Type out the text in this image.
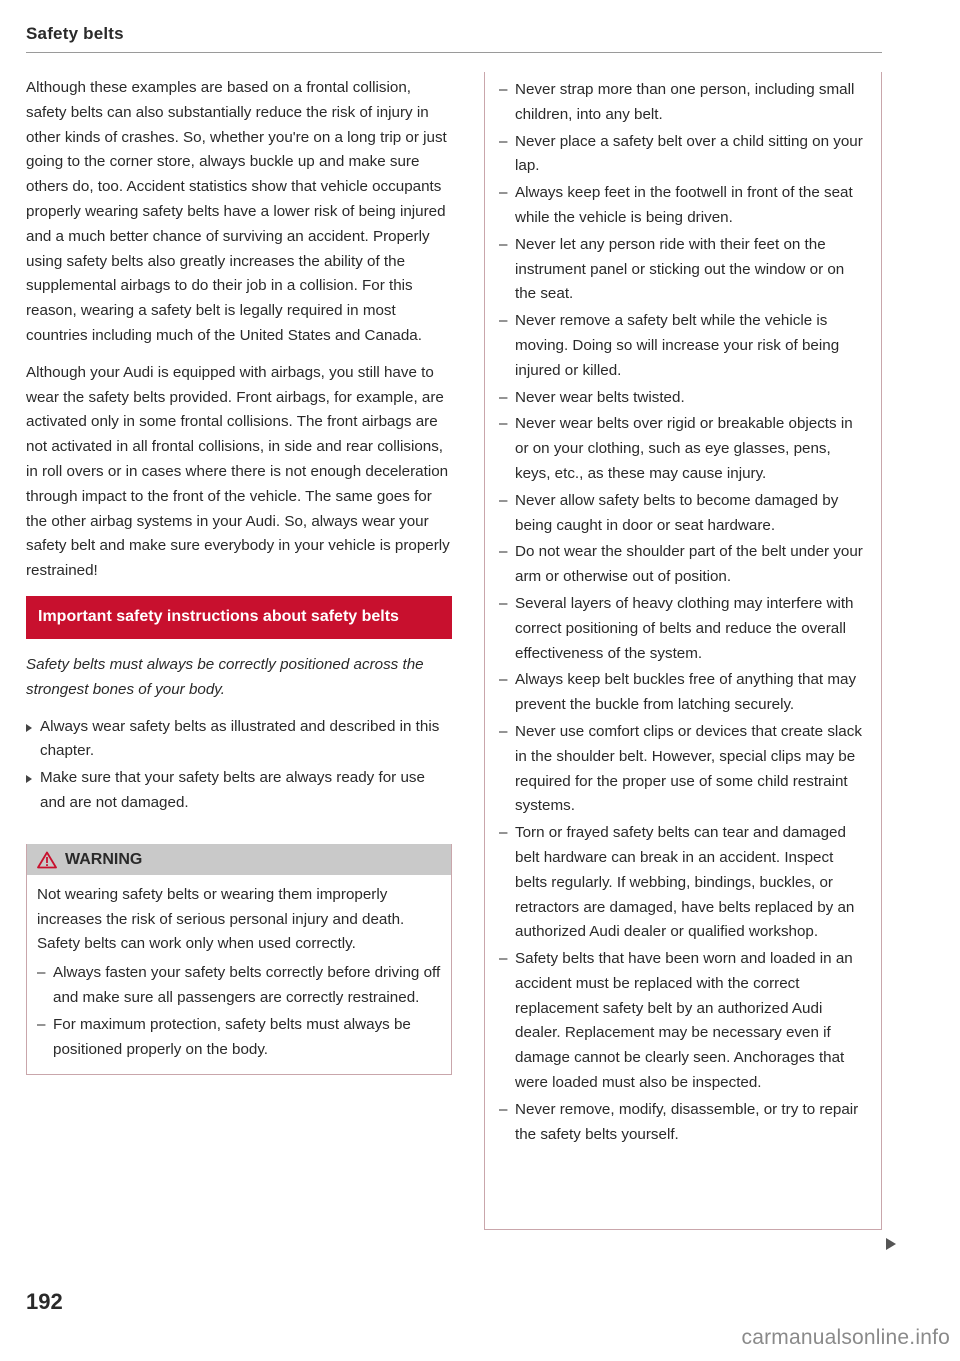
Safety belts

Although these examples are based on a frontal collision, safety belts can also substantially reduce the risk of injury in other kinds of crashes. So, whether you're on a long trip or just going to the corner store, always buckle up and make sure others do, too. Accident statistics show that vehicle occupants properly wearing safety belts have a lower risk of being injured and a much better chance of surviving an accident. Properly using safety belts also greatly increases the ability of the supplemental airbags to do their job in a collision. For this reason, wearing a safety belt is legally required in most countries including much of the United States and Canada.

Although your Audi is equipped with airbags, you still have to wear the safety belts provided. Front airbags, for example, are activated only in some frontal collisions. The front airbags are not activated in all frontal collisions, in side and rear collisions, in roll overs or in cases where there is not enough deceleration through impact to the front of the vehicle. The same goes for the other airbag systems in your Audi. So, always wear your safety belt and make sure everybody in your vehicle is properly restrained!

Important safety instructions about safety belts

Safety belts must always be correctly positioned across the strongest bones of your body.

Always wear safety belts as illustrated and described in this chapter.
Make sure that your safety belts are always ready for use and are not damaged.
WARNING

Not wearing safety belts or wearing them improperly increases the risk of serious personal injury and death. Safety belts can work only when used correctly.

– Always fasten your safety belts correctly before driving off and make sure all passengers are correctly restrained.
– For maximum protection, safety belts must always be positioned properly on the body.
– Never strap more than one person, including small children, into any belt.
– Never place a safety belt over a child sitting on your lap.
– Always keep feet in the footwell in front of the seat while the vehicle is being driven.
– Never let any person ride with their feet on the instrument panel or sticking out the window or on the seat.
– Never remove a safety belt while the vehicle is moving. Doing so will increase your risk of being injured or killed.
– Never wear belts twisted.
– Never wear belts over rigid or breakable objects in or on your clothing, such as eye glasses, pens, keys, etc., as these may cause injury.
– Never allow safety belts to become damaged by being caught in door or seat hardware.
– Do not wear the shoulder part of the belt under your arm or otherwise out of position.
– Several layers of heavy clothing may interfere with correct positioning of belts and reduce the overall effectiveness of the system.
– Always keep belt buckles free of anything that may prevent the buckle from latching securely.
– Never use comfort clips or devices that create slack in the shoulder belt. However, special clips may be required for the proper use of some child restraint systems.
– Torn or frayed safety belts can tear and damaged belt hardware can break in an accident. Inspect belts regularly. If webbing, bindings, buckles, or retractors are damaged, have belts replaced by an authorized Audi dealer or qualified workshop.
– Safety belts that have been worn and loaded in an accident must be replaced with the correct replacement safety belt by an authorized Audi dealer. Replacement may be necessary even if damage cannot be clearly seen. Anchorages that were loaded must also be inspected.
– Never remove, modify, disassemble, or try to repair the safety belts yourself.
192
carmanualsonline.info
